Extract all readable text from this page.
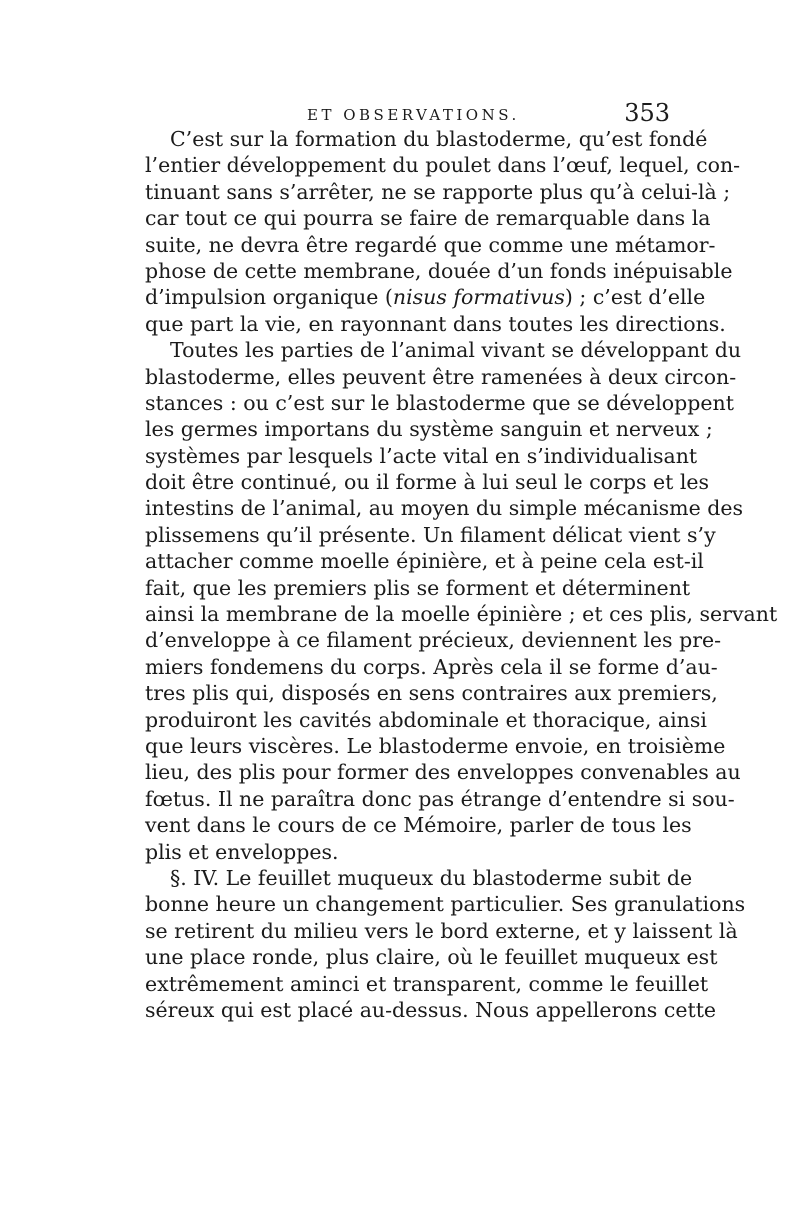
ET OBSERVATIONS.	353
C’est sur la formation du blastoderme, qu’est fondé
l’entier développement du poulet dans l’œuf, lequel, con-
tinuant sans s’arrêter, ne se rapporte plus qu’à celui-là ;
car tout ce qui pourra se faire de remarquable dans la
suite, ne devra être regardé que comme une métamor-
phose de cette membrane, douée d’un fonds inépuisable
d’impulsion organique (nisus formativus) ; c’est d’elle
que part la vie, en rayonnant dans toutes les directions.
Toutes les parties de l’animal vivant se développant du
blastoderme, elles peuvent être ramenées à deux circon-
stances : ou c’est sur le blastoderme que se développent
les germes importans du système sanguin et nerveux ;
systèmes par lesquels l’acte vital en s’individualisant
doit être continué, ou il forme à lui seul le corps et les
intestins de l’animal, au moyen du simple mécanisme des
plissemens qu’il présente. Un filament délicat vient s’y
attacher comme moelle épinière, et à peine cela est-il
fait, que les premiers plis se forment et déterminent
ainsi la membrane de la moelle épinière ; et ces plis, servant
d’enveloppe à ce filament précieux, deviennent les pre-
miers fondemens du corps. Après cela il se forme d’au-
tres plis qui, disposés en sens contraires aux premiers,
produiront les cavités abdominale et thoracique, ainsi
que leurs viscères. Le blastoderme envoie, en troisième
lieu, des plis pour former des enveloppes convenables au
fœtus. Il ne paraîtra donc pas étrange d’entendre si sou-
vent dans le cours de ce Mémoire, parler de tous les
plis et enveloppes.
§. IV. Le feuillet muqueux du blastoderme subit de
bonne heure un changement particulier. Ses granulations
se retirent du milieu vers le bord externe, et y laissent là
une place ronde, plus claire, où le feuillet muqueux est
extrêmement aminci et transparent, comme le feuillet
séreux qui est placé au-dessus. Nous appellerons cette
